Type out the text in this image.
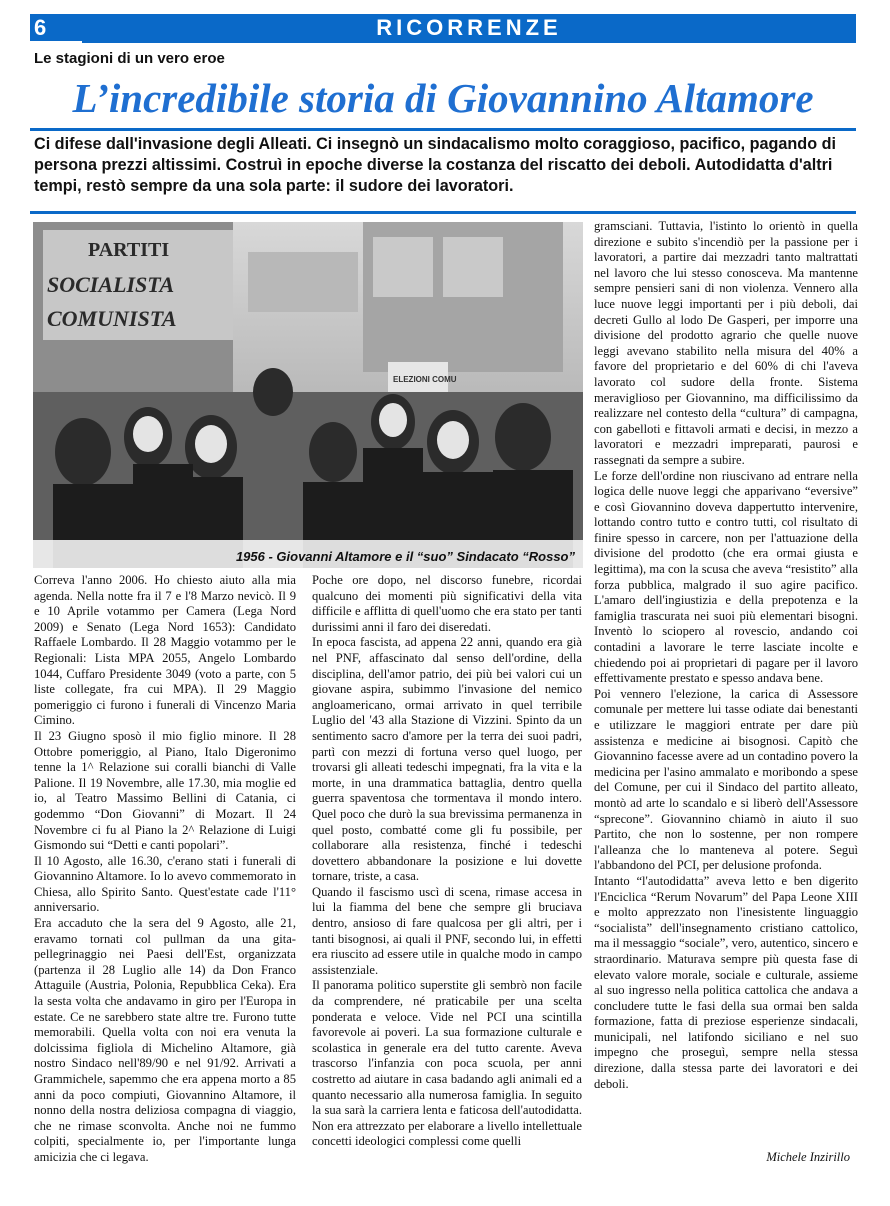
6	RICORRENZE
Le stagioni di un vero eroe
L’incredibile storia di Giovannino Altamore
Ci difese dall'invasione degli Alleati. Ci insegnò un sindacalismo molto coraggioso, pacifico, pagando di persona prezzi altissimi. Costruì in epoche diverse la costanza del riscatto dei deboli. Autodidatta d'altri tempi, restò sempre da una sola parte: il sudore dei lavoratori.
PARTITI
SOCIALISTA
COMUNISTA
ELEZIONI COMU
1956 - Giovanni Altamore e il “suo” Sindacato “Rosso”

Correva l'anno 2006. Ho chiesto aiuto alla mia agenda. Nella notte fra il 7 e l'8 Marzo nevicò. Il 9 e 10 Aprile votammo per Camera (Lega Nord 2009) e Senato (Lega Nord 1653): Candidato Raffaele Lombardo. Il 28 Maggio votammo per le Regionali: Lista MPA 2055, Angelo Lombardo 1044, Cuffaro Presidente 3049 (voto a parte, con 5 liste collegate, fra cui MPA). Il 29 Maggio pomeriggio ci furono i funerali di Vincenzo Maria Cimino.

Il 23 Giugno sposò il mio figlio minore. Il 28 Ottobre pomeriggio, al Piano, Italo Digeronimo tenne la 1^ Relazione sui coralli bianchi di Valle Palione. Il 19 Novembre, alle 17.30, mia moglie ed io, al Teatro Massimo Bellini di Catania, ci godemmo “Don Giovanni” di Mozart. Il 24 Novembre ci fu al Piano la 2^ Relazione di Luigi Gismondo sui “Detti e canti popolari”.

Il 10 Agosto, alle 16.30, c'erano stati i funerali di Giovannino Altamore. Io lo avevo commemorato in Chiesa, allo Spirito Santo. Quest'estate cade l'11° anniversario.

Era accaduto che la sera del 9 Agosto, alle 21, eravamo tornati col pullman da una gita-pellegrinaggio nei Paesi dell'Est, organizzata (partenza il 28 Luglio alle 14) da Don Franco Attaguile (Austria, Polonia, Repubblica Ceka). Era la sesta volta che andavamo in giro per l'Europa in estate. Ce ne sarebbero state altre tre. Furono tutte memorabili. Quella volta con noi era venuta la dolcissima figliola di Michelino Altamore, già nostro Sindaco nell'89/90 e nel 91/92. Arrivati a Grammichele, sapemmo che era appena morto a 85 anni da poco compiuti, Giovannino Altamore, il nonno della nostra deliziosa compagna di viaggio, che ne rimase sconvolta. Anche noi ne fummo colpiti, specialmente io, per l'importante lunga amicizia che ci legava.

Poche ore dopo, nel discorso funebre, ricordai qualcuno dei momenti più significativi della vita difficile e afflitta di quell'uomo che era stato per tanti durissimi anni il faro dei diseredati.

In epoca fascista, ad appena 22 anni, quando era già nel PNF, affascinato dal senso dell'ordine, della disciplina, dell'amor patrio, dei più bei valori cui un giovane aspira, subimmo l'invasione del nemico angloamericano, ormai arrivato in quel terribile Luglio del '43 alla Stazione di Vizzini. Spinto da un sentimento sacro d'amore per la terra dei suoi padri, partì con mezzi di fortuna verso quel luogo, per trovarsi gli alleati tedeschi impegnati, fra la vita e la morte, in una drammatica battaglia, dentro quella guerra spaventosa che tormentava il mondo intero. Quel poco che durò la sua brevissima permanenza in quel posto, combatté come gli fu possibile, per collaborare alla resistenza, finché i tedeschi dovettero abbandonare la posizione e lui dovette tornare, triste, a casa.

Quando il fascismo uscì di scena, rimase accesa in lui la fiamma del bene che sempre gli bruciava dentro, ansioso di fare qualcosa per gli altri, per i tanti bisognosi, ai quali il PNF, secondo lui, in effetti era riuscito ad essere utile in qualche modo in campo assistenziale.

Il panorama politico superstite gli sembrò non facile da comprendere, né praticabile per una scelta ponderata e veloce. Vide nel PCI una scintilla favorevole ai poveri. La sua formazione culturale e scolastica in generale era del tutto carente. Aveva trascorso l'infanzia con poca scuola, per anni costretto ad aiutare in casa badando agli animali ed a quanto necessario alla numerosa famiglia. In seguito la sua sarà la carriera lenta e faticosa dell'autodidatta. Non era attrezzato per elaborare a livello intellettuale concetti ideologici complessi come quelli

gramsciani. Tuttavia, l'istinto lo orientò in quella direzione e subito s'incendiò per la passione per i lavoratori, a partire dai mezzadri tanto maltrattati nel lavoro che lui stesso conosceva. Ma mantenne sempre pensieri sani di non violenza. Vennero alla luce nuove leggi importanti per i più deboli, dai decreti Gullo al lodo De Gasperi, per imporre una divisione del prodotto agrario che quelle nuove leggi avevano stabilito nella misura del 40% a favore del proprietario e del 60% di chi l'aveva lavorato col sudore della fronte. Sistema meraviglioso per Giovannino, ma difficilissimo da realizzare nel contesto della “cultura” di campagna, con gabelloti e fittavoli armati e decisi, in mezzo a lavoratori e mezzadri impreparati, paurosi e rassegnati da sempre a subire.

Le forze dell'ordine non riuscivano ad entrare nella logica delle nuove leggi che apparivano “eversive” e così Giovannino doveva dappertutto intervenire, lottando contro tutto e contro tutti, col risultato di finire spesso in carcere, non per l'attuazione della divisione del prodotto (che era ormai giusta e legittima), ma con la scusa che aveva “resistito” alla forza pubblica, malgrado il suo agire pacifico. L'amaro dell'ingiustizia e della prepotenza e la famiglia trascurata nei suoi più elementari bisogni. Inventò lo sciopero al rovescio, andando coi contadini a lavorare le terre lasciate incolte e chiedendo poi ai proprietari di pagare per il lavoro effettivamente prestato e spesso andava bene.

Poi vennero l'elezione, la carica di Assessore comunale per mettere lui tasse odiate dai benestanti e utilizzare le maggiori entrate per dare più assistenza e medicine ai bisognosi. Capitò che Giovannino facesse avere ad un contadino povero la medicina per l'asino ammalato e moribondo a spese del Comune, per cui il Sindaco del partito alleato, montò ad arte lo scandalo e si liberò dell'Assessore “sprecone”. Giovannino chiamò in aiuto il suo Partito, che non lo sostenne, per non rompere l'alleanza che lo manteneva al potere. Seguì l'abbandono del PCI, per delusione profonda.

Intanto “l'autodidatta” aveva letto e ben digerito l'Enciclica “Rerum Novarum” del Papa Leone XIII e molto apprezzato non l'inesistente linguaggio “socialista” dell'insegnamento cristiano cattolico, ma il messaggio “sociale”, vero, autentico, sincero e straordinario. Maturava sempre più questa fase di elevato valore morale, sociale e culturale, assieme al suo ingresso nella politica cattolica che andava a concludere tutte le fasi della sua ormai ben salda formazione, fatta di preziose esperienze sindacali, municipali, nel latifondo siciliano e nel suo impegno che proseguì, sempre nella stessa direzione, dalla stessa parte dei lavoratori e dei deboli.

Michele Inzirillo
